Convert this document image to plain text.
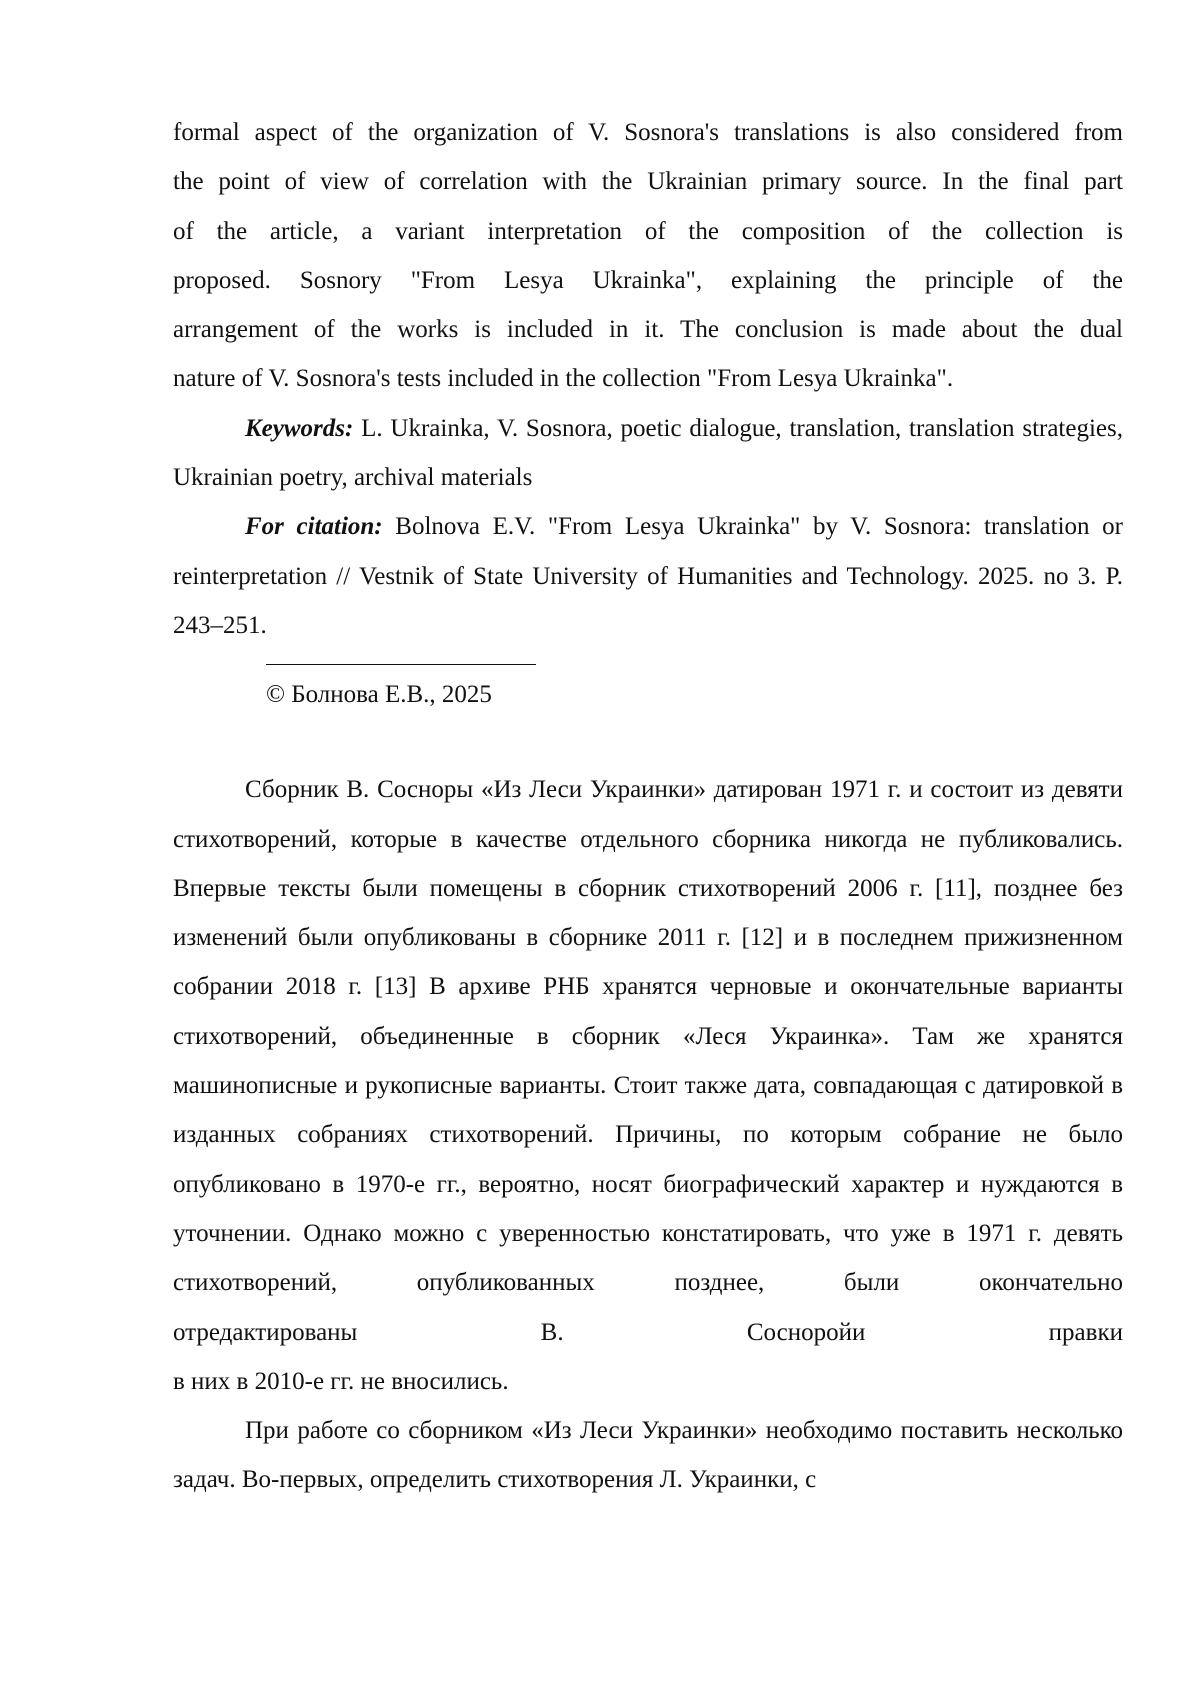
formal aspect of the organization of V. Sosnora's translations is also considered from

the point of view of correlation with the Ukrainian primary source. In the final part

of the article, a variant interpretation of the composition of the collection is

proposed. Sosnory "From Lesya Ukrainka", explaining the principle of the

arrangement of the works is included in it. The conclusion is made about the dual

nature of V. Sosnora's tests included in the collection "From Lesya Ukrainka".

Keywords: L. Ukrainka, V. Sosnora, poetic dialogue, translation, translation strategies, Ukrainian poetry, archival materials

For citation: Bolnova E.V. "From Lesya Ukrainka" by V. Sosnora: translation or reinterpretation // Vestnik of State University of Humanities and Technology. 2025. no 3. P. 243–251.

© Болнова Е.В., 2025

Сборник В. Сосноры «Из Леси Украинки» датирован 1971 г. и состоит из девяти стихотворений, которые в качестве отдельного сборника никогда не публиковались. Впервые тексты были помещены в сборник стихотворений 2006 г. [11], позднее без изменений были опубликованы в сборнике 2011 г. [12] и в последнем прижизненном собрании 2018 г. [13] В архиве РНБ хранятся черновые и окончательные варианты стихотворений, объединенные в сборник «Леся Украинка». Там же хранятся машинописные и рукописные варианты. Стоит также дата, совпадающая с датировкой в изданных собраниях стихотворений. Причины, по которым собрание не было опубликовано в 1970-е гг., вероятно, носят биографический характер и нуждаются в уточнении. Однако можно с уверенностью констатировать, что уже в 1971 г. девять стихотворений, опубликованных позднее, были окончательно

отредактированы В. Сосноройи правки

в них в 2010-е гг. не вносились.

При работе со сборником «Из Леси Украинки» необходимо поставить несколько задач. Во-первых, определить стихотворения Л. Украинки, с
